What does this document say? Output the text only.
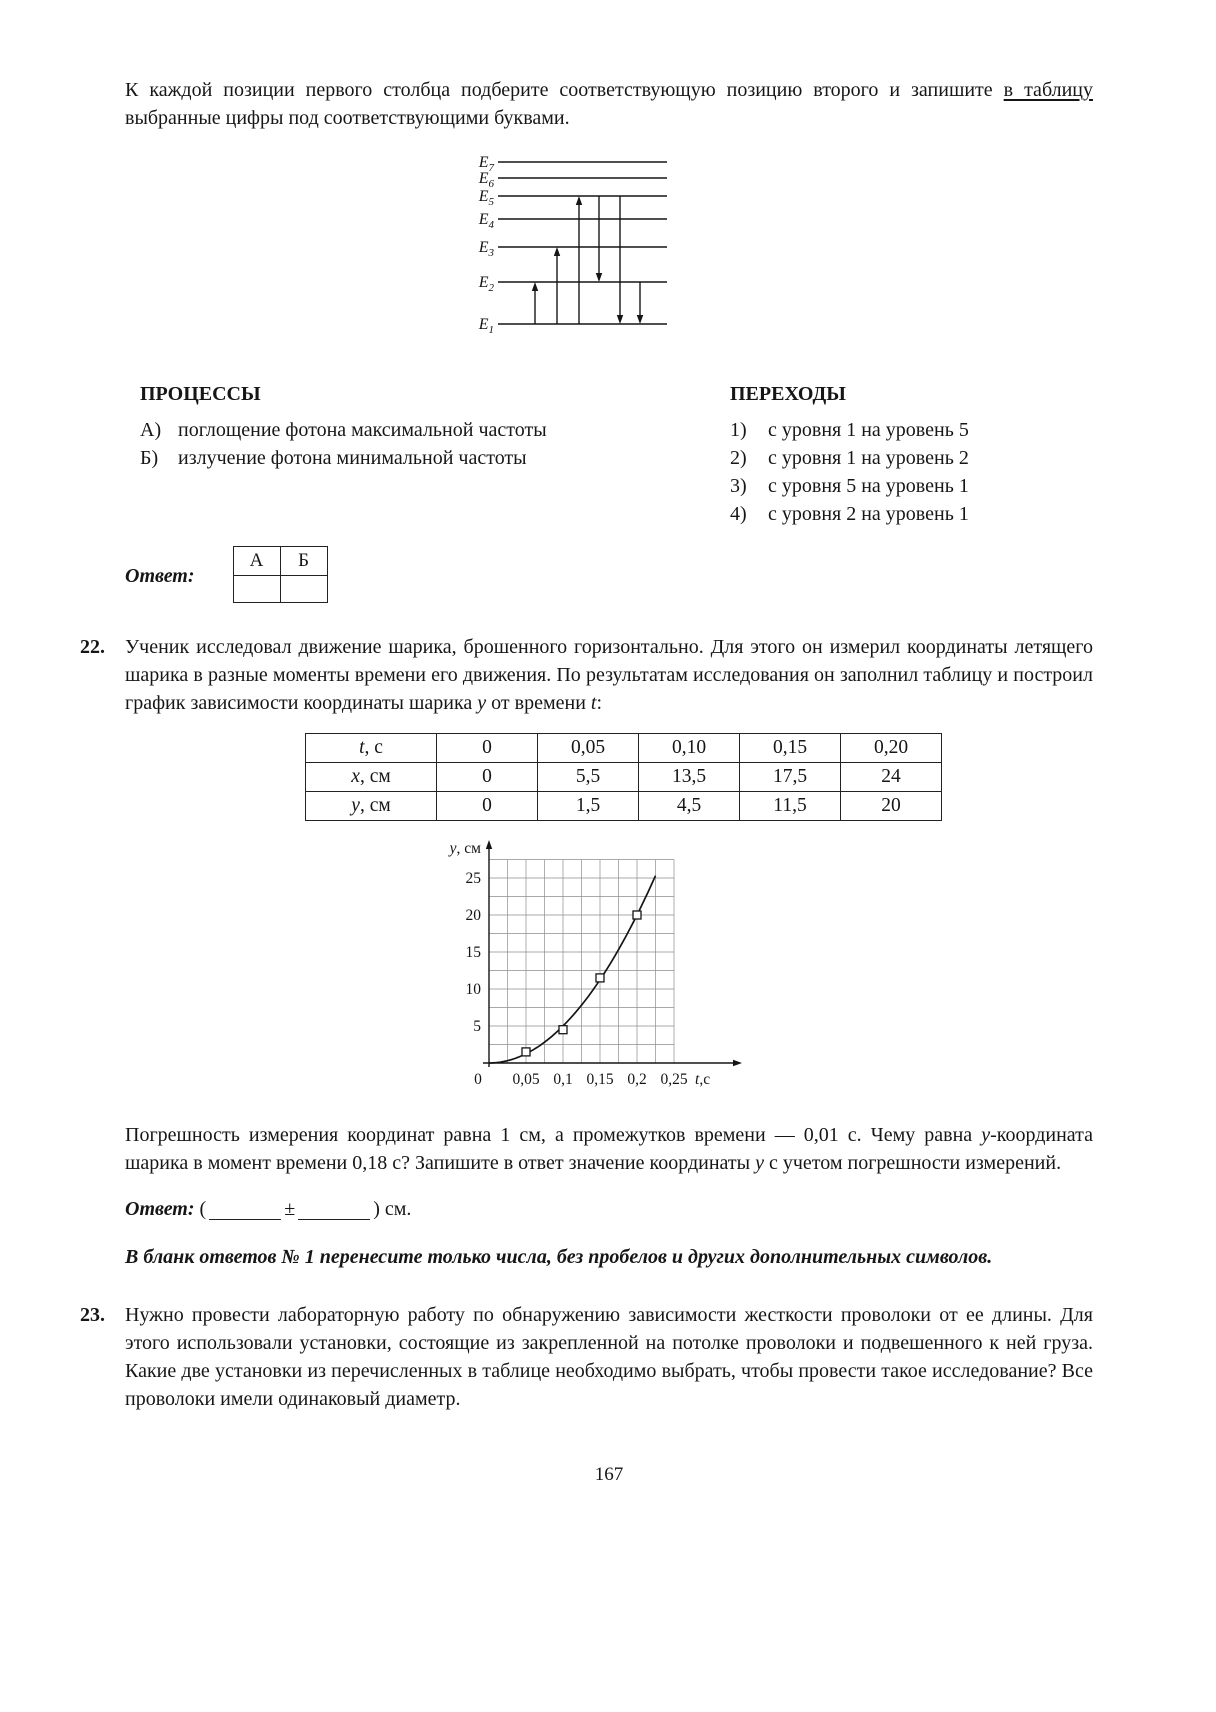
К каждой позиции первого столбца подберите соответствующую позицию второго и запишите в таблицу выбранные цифры под соответствующими буквами.

$E_7$
$E_6$
$E_5$
$E_4$
$E_3$
$E_2$
$E_1$
ПРОЦЕССЫ
А) поглощение фотона максимальной частоты
Б) излучение фотона минимальной частоты
ПЕРЕХОДЫ
1)	с уровня 1 на уровень 5
2)	с уровня 1 на уровень 2
3)	с уровня 5 на уровень 1
4)	с уровня 2 на уровень 1
Ответ:
А	Б

22. Ученик исследовал движение шарика, брошенного горизонтально. Для этого он измерил координаты летящего шарика в разные моменты времени его движения. По результатам исследования он заполнил таблицу и построил график зависимости координаты шарика y от времени t:

t, с	0	0,05	0,10	0,15	0,20
x, см	0	5,5	13,5	17,5	24
y, см	0	1,5	4,5	11,5	20
5
10
15
20
25
0 0,05 0,1 0,15 0,2 0,25
y, см
t,c

Погрешность измерения координат равна 1 см, а промежутков времени — 0,01 с. Чему равна y-координата шарика в момент времени 0,18 с? Запишите в ответ значение координаты y с учетом погрешности измерений.

Ответ: (	±	) см.

В бланк ответов № 1 перенесите только числа, без пробелов и других дополнительных символов.

23. Нужно провести лабораторную работу по обнаружению зависимости жесткости проволоки от ее длины. Для этого использовали установки, состоящие из закрепленной на потолке проволоки и подвешенного к ней груза. Какие две установки из перечисленных в таблице необходимо выбрать, чтобы провести такое исследование? Все проволоки имели одинаковый диаметр.

167
